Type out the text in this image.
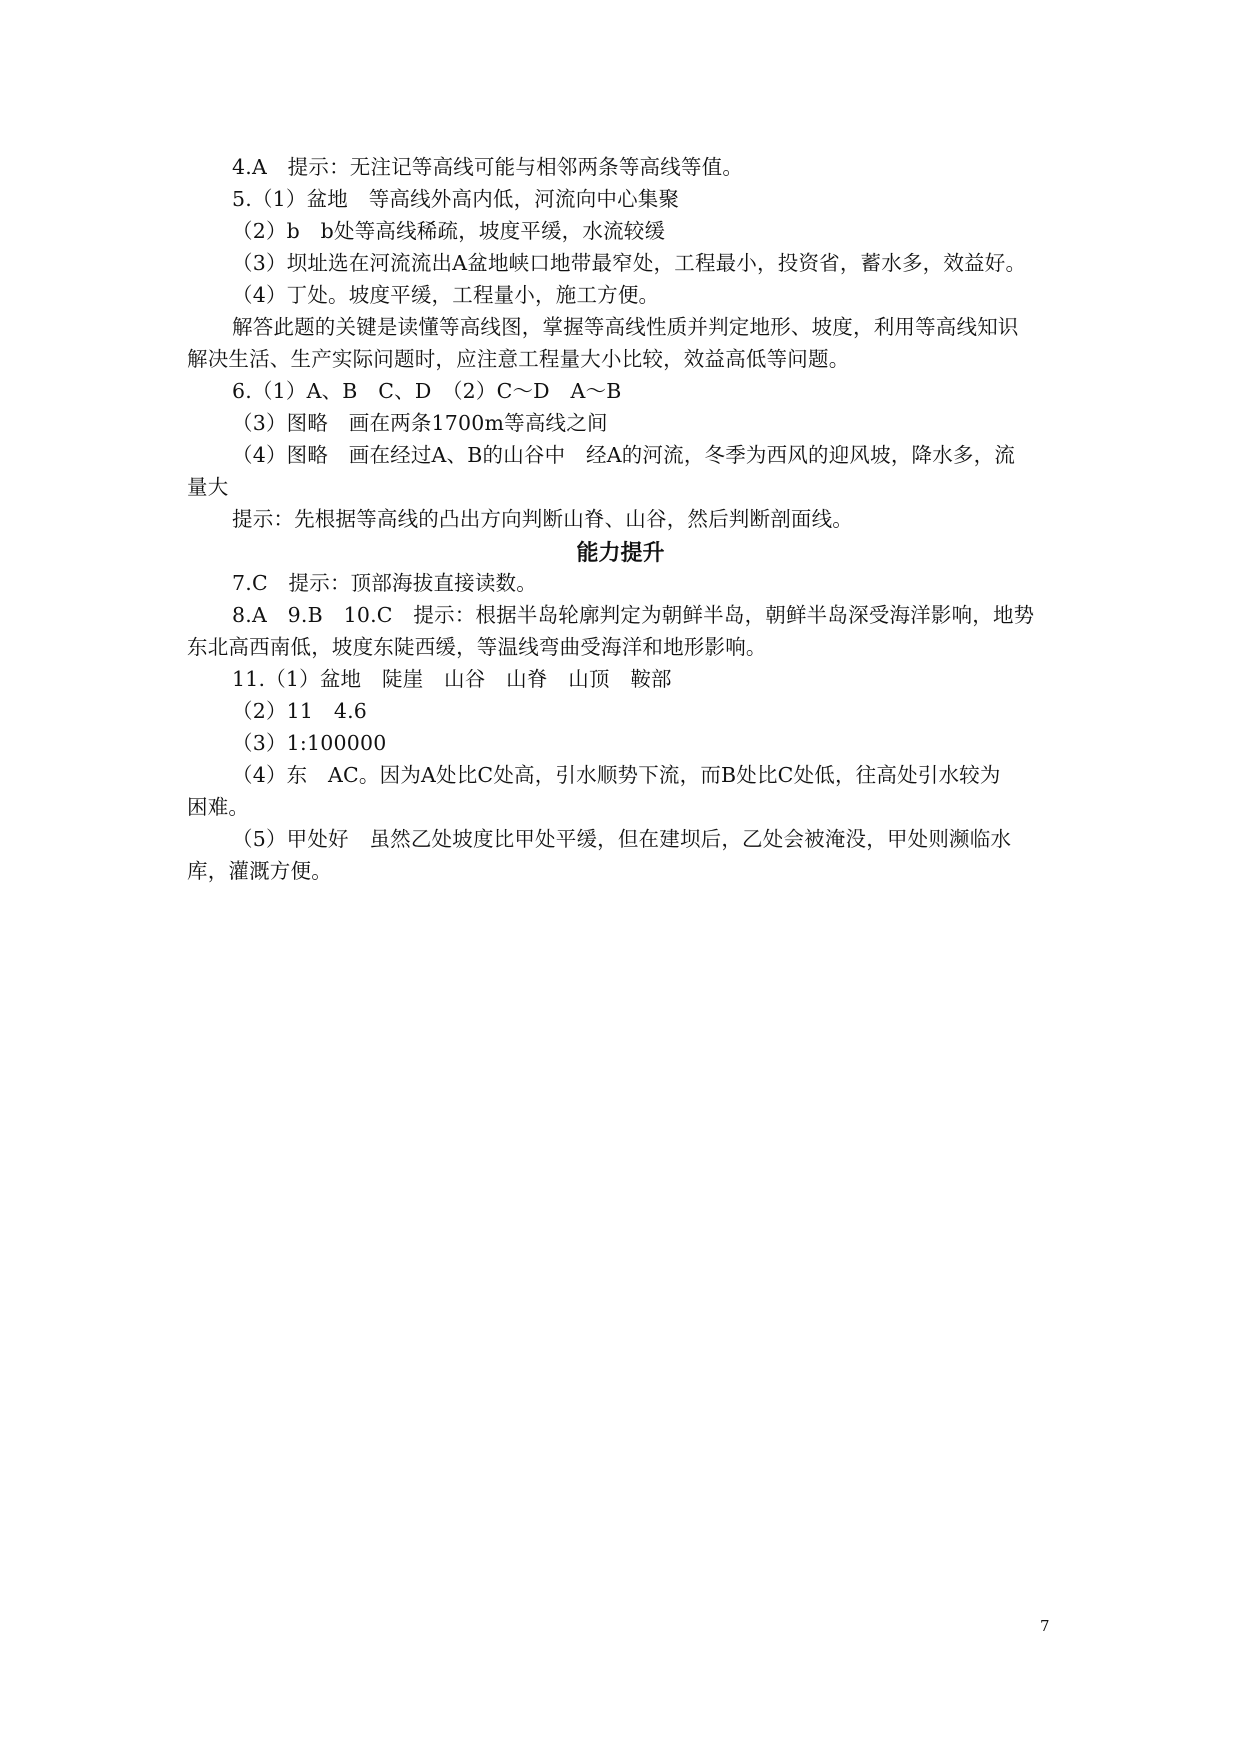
4.A　提示：无注记等高线可能与相邻两条等高线等值。
5.（1）盆地　等高线外高内低，河流向中心集聚
（2）b　b处等高线稀疏，坡度平缓，水流较缓
（3）坝址选在河流流出A盆地峡口地带最窄处，工程最小，投资省，蓄水多，效益好。
（4）丁处。坡度平缓，工程量小，施工方便。
解答此题的关键是读懂等高线图，掌握等高线性质并判定地形、坡度，利用等高线知识
解决生活、生产实际问题时，应注意工程量大小比较，效益高低等问题。
6.（1）A、B　C、D　（2）C～D　A～B
（3）图略　画在两条1700m等高线之间
（4）图略　画在经过A、B的山谷中　经A的河流，冬季为西风的迎风坡，降水多，流
量大
提示：先根据等高线的凸出方向判断山脊、山谷，然后判断剖面线。
能力提升
7.C　提示：顶部海拔直接读数。
8.A　9.B　10.C　提示：根据半岛轮廓判定为朝鲜半岛，朝鲜半岛深受海洋影响，地势
东北高西南低，坡度东陡西缓，等温线弯曲受海洋和地形影响。
11.（1）盆地　陡崖　山谷　山脊　山顶　鞍部
（2）11　4.6
（3）1:100000
（4）东　AC。因为A处比C处高，引水顺势下流，而B处比C处低，往高处引水较为
困难。
（5）甲处好　虽然乙处坡度比甲处平缓，但在建坝后，乙处会被淹没，甲处则濒临水
库，灌溉方便。
7
